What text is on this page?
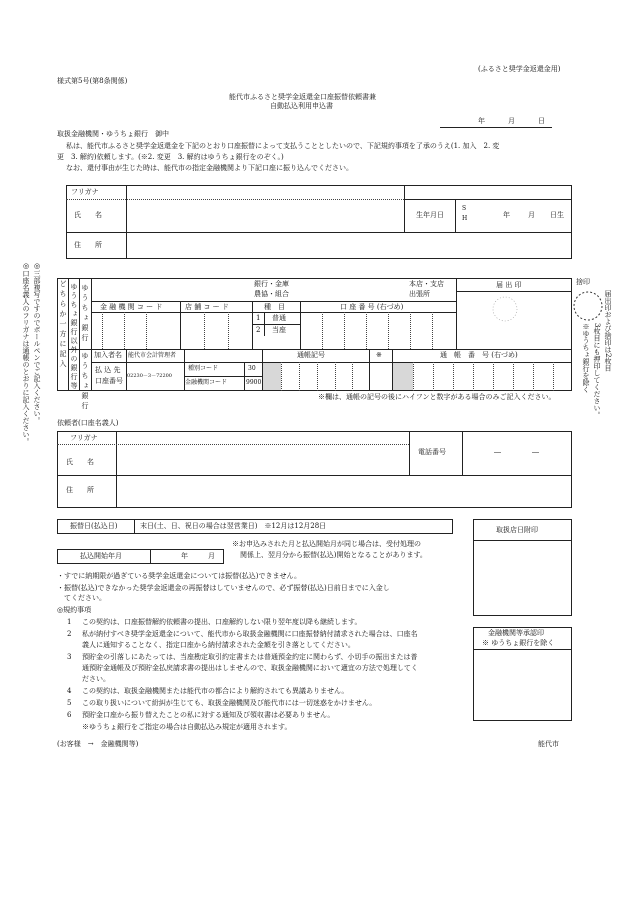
(ふるさと奨学金返還金用)
様式第5号(第8条関係)
能代市ふるさと奨学金返還金口座振替依頼書兼
自動払込利用申込書
年	月	日
取扱金融機関・ゆうちょ銀行　御中
私は、能代市ふるさと奨学金返還金を下記のとおり口座振替によって支払うこととしたいので、下記規約事項を了承のうえ(1. 加入　2. 変
更　3. 解約)依頼します。(※2. 変更　3. 解約はゆうちょ銀行をのぞく。)
なお、還付事由が生じた時は、能代市の指定金融機関より下記口座に振り込んでください。
フリガナ
氏　　名	生年月日
S
H	年	月 日生
住　　所
◎口座名義人のフリガナは通帳のとおりに記入ください。 ◎三部複写ですのでボールペンでご記入ください。	捨印
届出印および捨印は2枚目
3枚目にも押印してください。
※ゆうちょ銀行を除く
どちらか一方に記入 ゆうちょ銀行以外の銀行等 ゆうちょ銀行
ゆうちょ銀行
銀行・金庫
農協・組合
本店・支店
出張所
届 出 印
金 融 機 関 コ ー ド	店 舗 コ ー ド	種　目	口 座 番 号 (右づめ)
1 普通
2 当座
加入者名 能代市会計管理者
払 込 先
口座番号
02230－3－72200
種別コード	30
金融機関コード	9900
通帳記号	※	通　帳　番　号 (右づめ)
※欄は、通帳の記号の後にハイフンと数字がある場合のみご記入ください。
依頼者(口座名義人)
フリガナ
氏　　名
電話番号	―	―
住　　所
振替日(払込日)	末日(土、日、祝日の場合は翌営業日)　※12月は12月28日
※お申込みされた月と払込開始月が同じ場合は、受付処理の
関係上、翌月分から振替(払込)開始となることがあります。
払込開始年月	年	月
取扱店日附印
・すでに納期限が過ぎている奨学金返還金については振替(払込)できません。
・振替(払込)できなかった奨学金返還金の再振替はしていませんので、必ず振替(払込)日前日までに入金し
　てください。
◎規約事項
1 この契約は、口座振替解約依頼書の提出、口座解約しない限り翌年度以降も継続します。
2 私が納付すべき奨学金返還金について、能代市から取扱金融機関に口座振替納付請求された場合は、口座名
義人に通知することなく、指定口座から納付請求された金額を引き落としてください。
3 預貯金の引落しにあたっては、当座勘定取引約定書または普通預金約定に関わらず、小切手の振出または普
通預貯金通帳及び預貯金払戻請求書の提出はしませんので、取扱金融機関において適宜の方法で処理してく
ださい。
4 この契約は、取扱金融機関または能代市の都合により解約されても異議ありません。
5 この取り扱いについて紛糾が生じても、取扱金融機関及び能代市には一切迷惑をかけません。
6 預貯金口座から振り替えたことの私に対する通知及び領収書は必要ありません。
※ゆうちょ銀行をご指定の場合は自動払込み規定が適用されます。
金融機関等承認印
※ ゆうちょ銀行を除く
(お客様　→　金融機関等)	能代市
